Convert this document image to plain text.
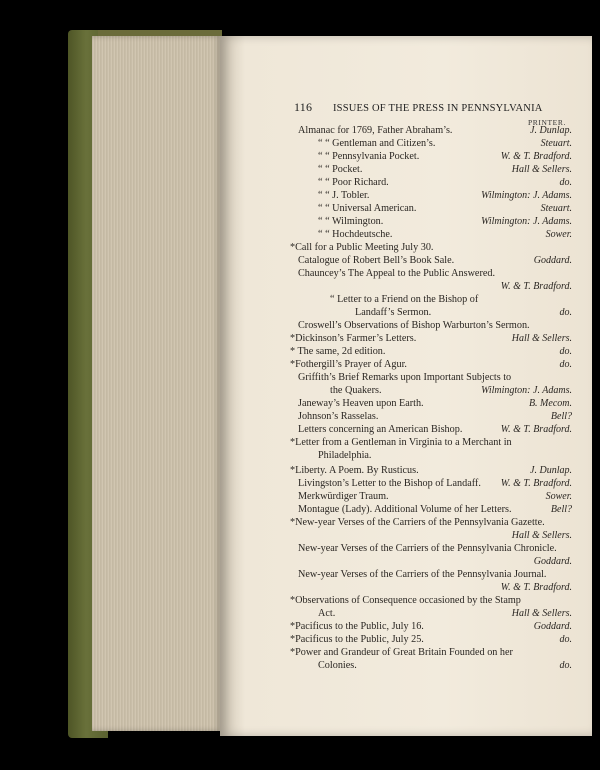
116 ISSUES OF THE PRESS IN PENNSYLVANIA
PRINTER.
Almanac for 1769, Father Abraham’s.	J. Dunlap.
“ “ Gentleman and Citizen’s.	Steuart.
“ “ Pennsylvania Pocket.	W. & T. Bradford.
“ “ Pocket.	Hall & Sellers.
“ “ Poor Richard.	do.
“ “ J. Tobler.	Wilmington: J. Adams.
“ “ Universal American.	Steuart.
“ “ Wilmington.	Wilmington: J. Adams.
“ “ Hochdeutsche.	Sower.
*Call for a Public Meeting July 30.
Catalogue of Robert Bell’s Book Sale.	Goddard.
Chauncey’s The Appeal to the Public Answered.
W. & T. Bradford.
“ Letter to a Friend on the Bishop of
Landaff’s Sermon.	do.
Croswell’s Observations of Bishop Warburton’s Sermon.
*Dickinson’s Farmer’s Letters.	Hall & Sellers.
* The same, 2d edition.	do.
*Fothergill’s Prayer of Agur.	do.
Griffith’s Brief Remarks upon Important Subjects to
the Quakers.	Wilmington: J. Adams.
Janeway’s Heaven upon Earth.	B. Mecom.
Johnson’s Rasselas.	Bell?
Letters concerning an American Bishop.	W. & T. Bradford.
*Letter from a Gentleman in Virginia to a Merchant in
Philadelphia.
*Liberty. A Poem. By Rusticus.	J. Dunlap.
Livingston’s Letter to the Bishop of Landaff. W. & T. Bradford.
Merkwürdiger Traum.	Sower.
Montague (Lady). Additional Volume of her Letters.	Bell?
*New-year Verses of the Carriers of the Pennsylvania Gazette.
Hall & Sellers.
New-year Verses of the Carriers of the Pennsylvania Chronicle.
Goddard.
New-year Verses of the Carriers of the Pennsylvania Journal.
W. & T. Bradford.
*Observations of Consequence occasioned by the Stamp
Act.	Hall & Sellers.
*Pacificus to the Public, July 16.	Goddard.
*Pacificus to the Public, July 25.	do.
*Power and Grandeur of Great Britain Founded on her
Colonies.	do.
